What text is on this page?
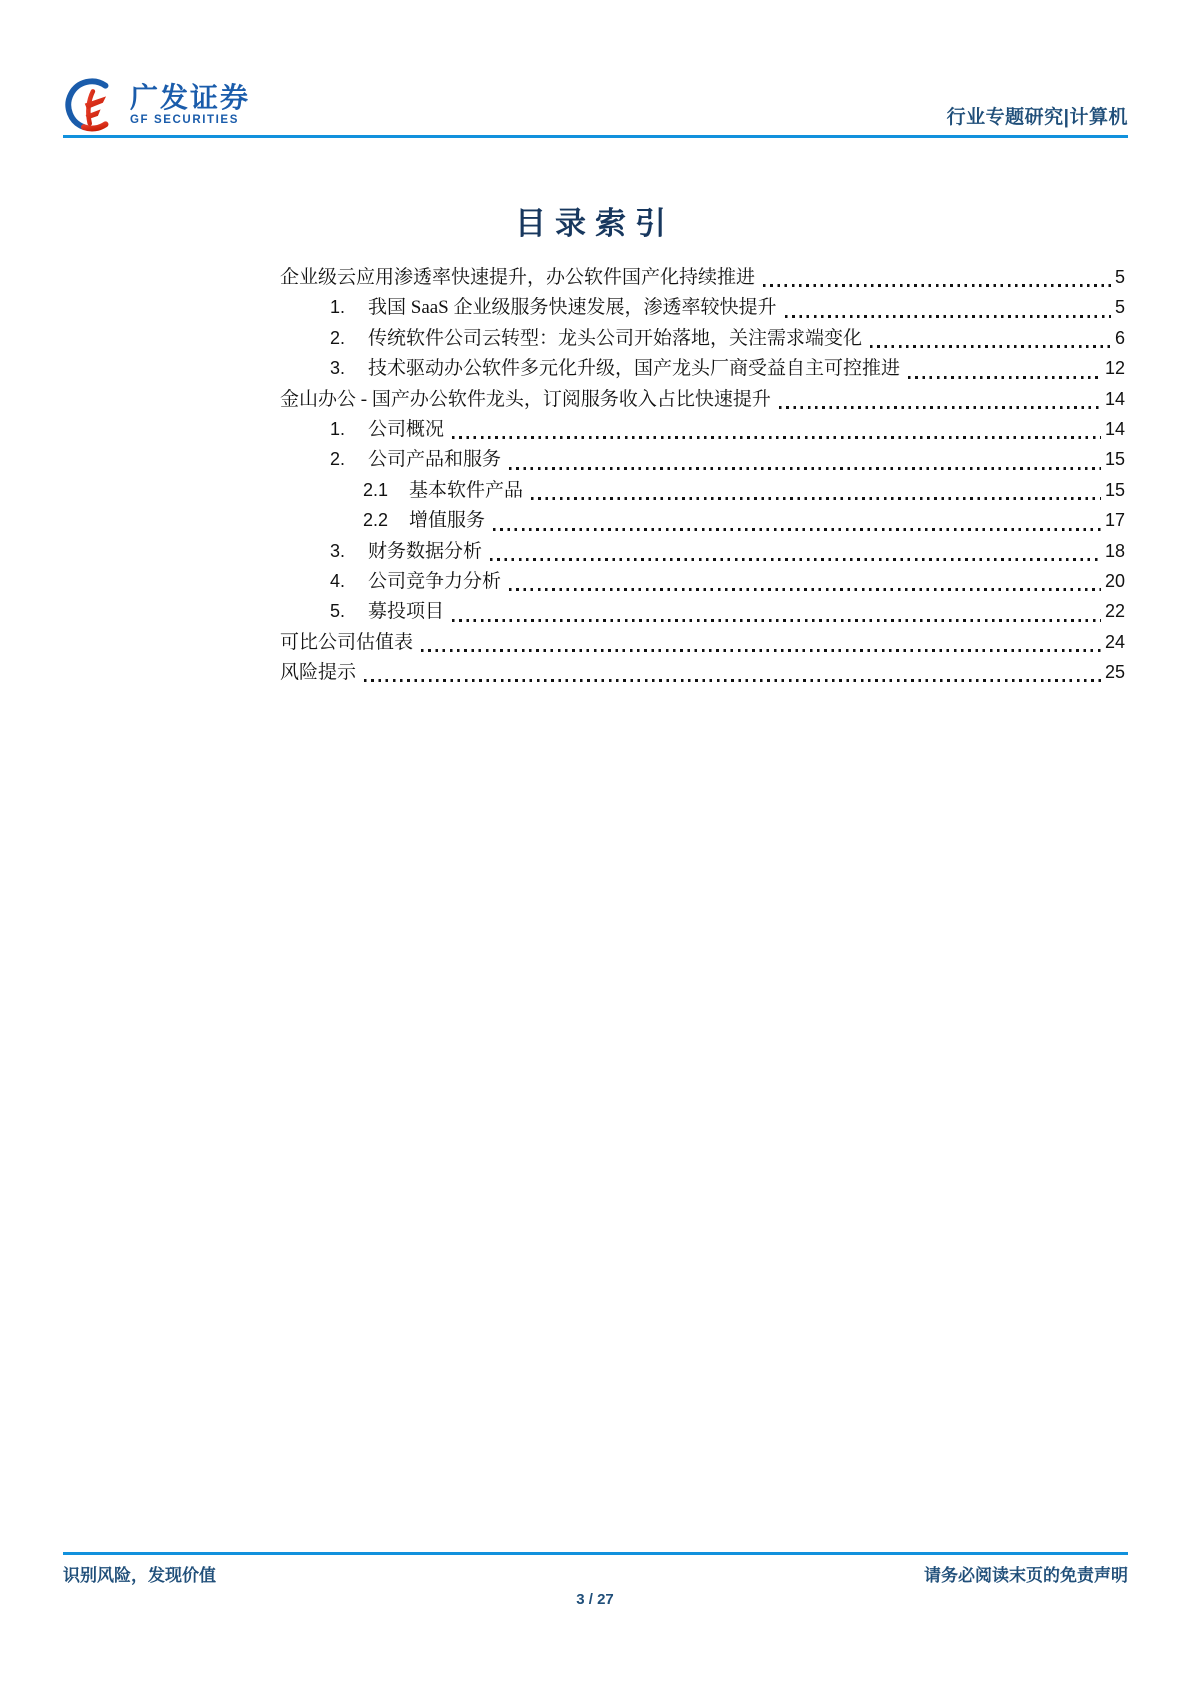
广发证券
GF SECURITIES	行业专题研究|计算机
目录索引
企业级云应用渗透率快速提升，办公软件国产化持续推进	5
1.	我国 SaaS 企业级服务快速发展，渗透率较快提升	5
2.	传统软件公司云转型：龙头公司开始落地，关注需求端变化	6
3.	技术驱动办公软件多元化升级，国产龙头厂商受益自主可控推进	12
金山办公 - 国产办公软件龙头，订阅服务收入占比快速提升	14
1.	公司概况	14
2.	公司产品和服务	15
2.1	基本软件产品	15
2.2	增值服务	17
3.	财务数据分析	18
4.	公司竞争力分析	20
5.	募投项目	22
可比公司估值表	24
风险提示	25
识别风险，发现价值	请务必阅读末页的免责声明
3 / 27
